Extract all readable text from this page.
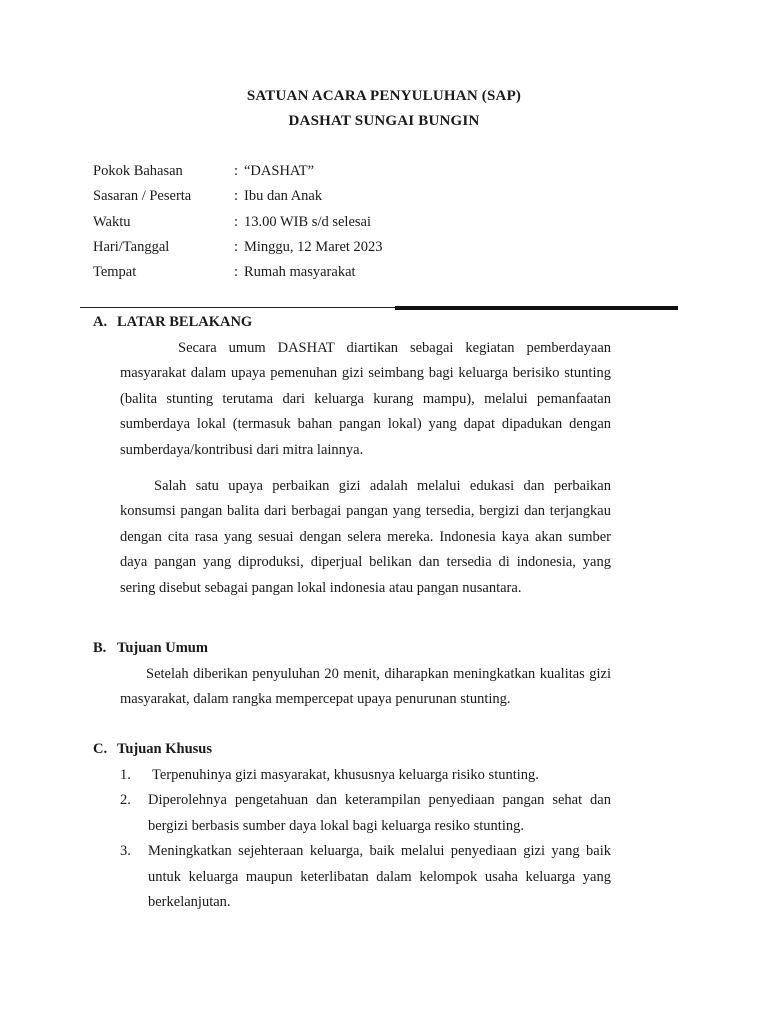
SATUAN ACARA PENYULUHAN (SAP)
DASHAT SUNGAI BUNGIN
Pokok Bahasan	: “DASHAT”
Sasaran / Peserta	: Ibu dan Anak
Waktu	: 13.00 WIB s/d selesai
Hari/Tanggal	: Minggu, 12 Maret 2023
Tempat	: Rumah masyarakat
A. LATAR BELAKANG

Secara umum DASHAT diartikan sebagai kegiatan pemberdayaan masyarakat dalam upaya pemenuhan gizi seimbang bagi keluarga berisiko stunting (balita stunting terutama dari keluarga kurang mampu), melalui pemanfaatan sumberdaya lokal (termasuk bahan pangan lokal) yang dapat dipadukan dengan sumberdaya/kontribusi dari mitra lainnya.

Salah satu upaya perbaikan gizi adalah melalui edukasi dan perbaikan konsumsi pangan balita dari berbagai pangan yang tersedia, bergizi dan terjangkau dengan cita rasa yang sesuai dengan selera mereka. Indonesia kaya akan sumber daya pangan yang diproduksi, diperjual belikan dan tersedia di indonesia, yang sering disebut sebagai pangan lokal indonesia atau pangan nusantara.

B. Tujuan Umum

Setelah diberikan penyuluhan 20 menit, diharapkan meningkatkan kualitas gizi masyarakat, dalam rangka mempercepat upaya penurunan stunting.

C. Tujuan Khusus
1.	Terpenuhinya gizi masyarakat, khususnya keluarga risiko stunting.
2.	Diperolehnya pengetahuan dan keterampilan penyediaan pangan sehat dan bergizi berbasis sumber daya lokal bagi keluarga resiko stunting.
3.	Meningkatkan sejehteraan keluarga, baik melalui penyediaan gizi yang baik untuk keluarga maupun keterlibatan dalam kelompok usaha keluarga yang berkelanjutan.
